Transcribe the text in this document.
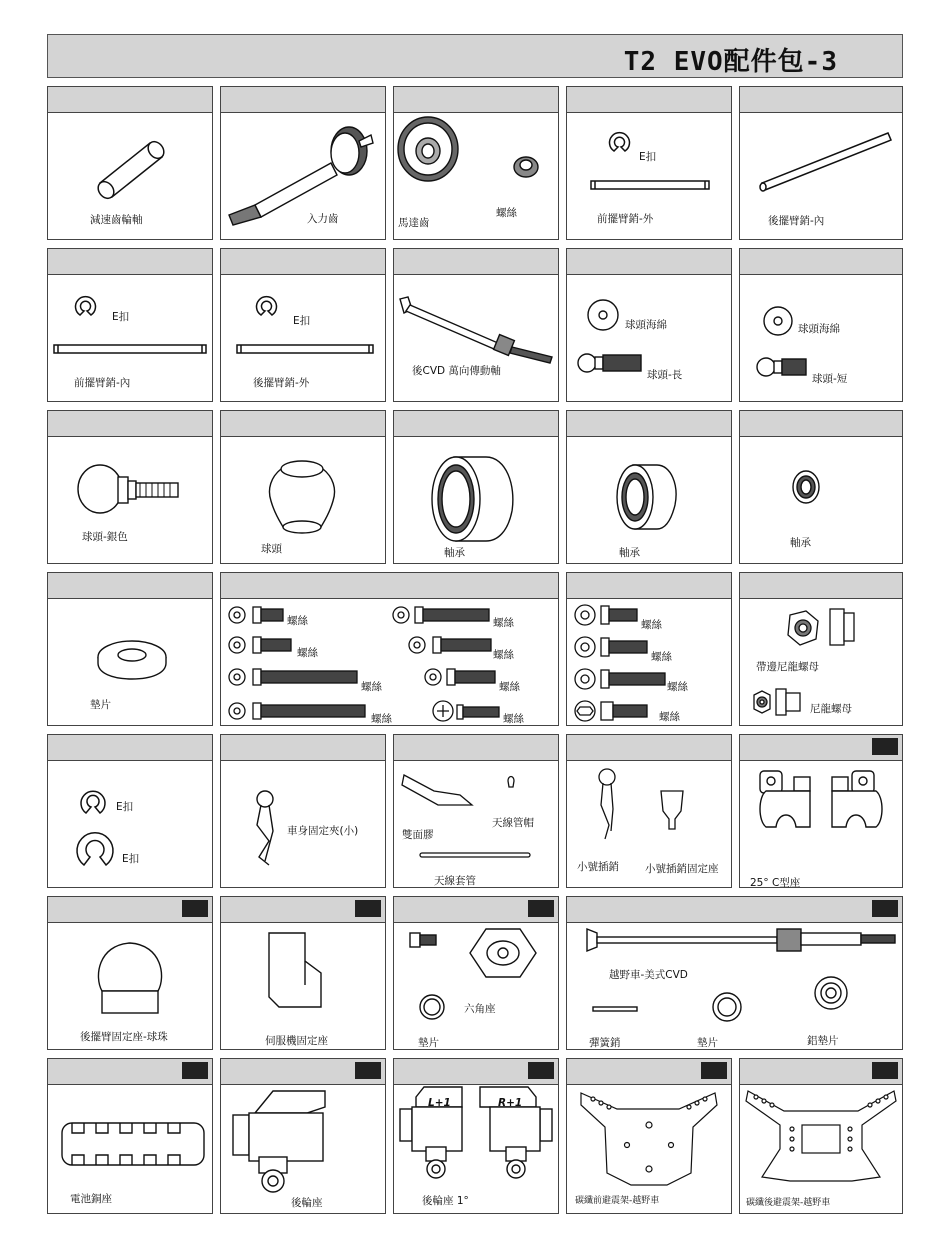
T2 EVO配件包-3
減速齒輪軸	入力齒	馬達齒
螺絲
E扣
前擺臂銷-外	後擺臂銷-內
E扣
前擺臂銷-內
E扣
後擺臂銷-外
後CVD 萬向傳動軸
球頭海綿
球頭-長
球頭海綿
球頭-短
球頭-銀色
球頭	軸承	軸承
軸承
墊片
螺絲
螺絲
螺絲
螺絲
螺絲
螺絲
螺絲
螺絲
螺絲
螺絲
螺絲
螺絲
帶邊尼龍螺母
尼龍螺母
E扣
E扣
車身固定夾(小)	雙面膠
天線管帽
天線套管
小號插銷 小號插銷固定座
25° C型座
後擺臂固定座-球珠	伺服機固定座
六角座
墊片
越野車-美式CVD
彈簧銷	墊片	鋁墊片
電池銅座	後輪座
L+1	R+1
後輪座 1°	碳纖前避震架-越野車	碳纖後避震架-越野車
